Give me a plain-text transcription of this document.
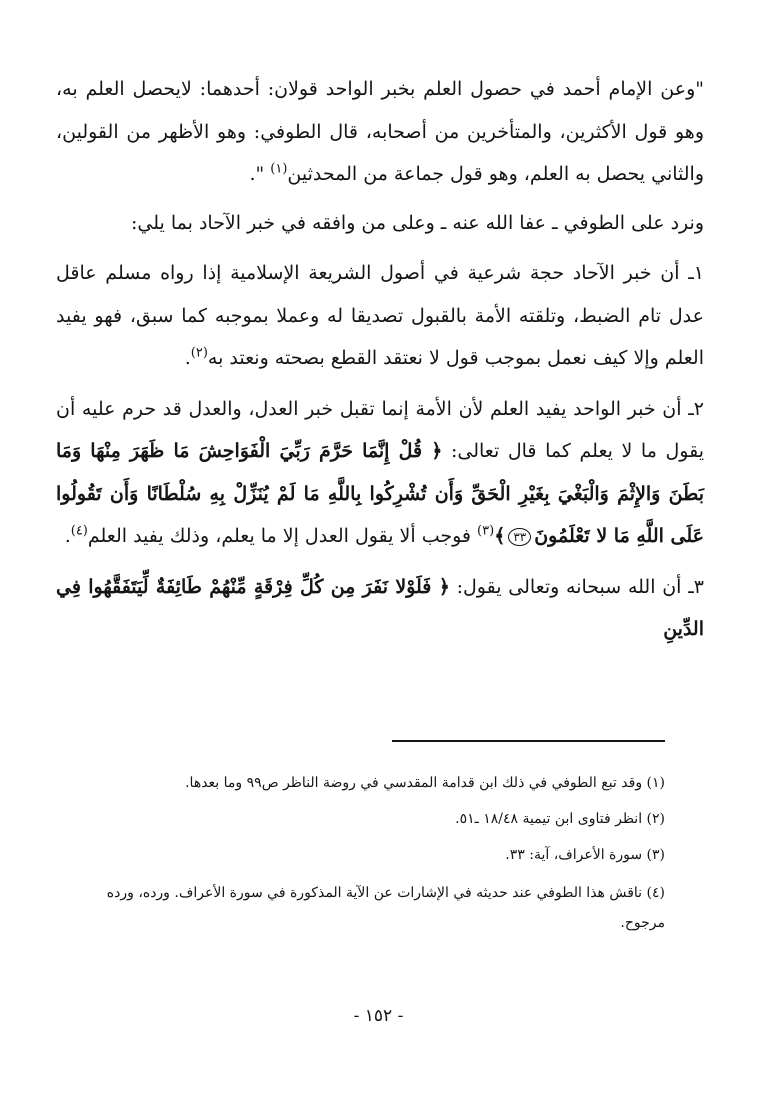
"وعن الإمام أحمد في حصول العلم بخبر الواحد قولان: أحدهما: لايحصل العلم به، وهو قول الأكثرين، والمتأخرين من أصحابه، قال الطوفي: وهو الأظهر من القولين، والثاني يحصل به العلم، وهو قول جماعة من المحدثين$^{(١)}$ ".

ونرد على الطوفي ـ عفا الله عنه ـ وعلى من وافقه في خبر الآحاد بما يلي:

١ـ أن خبر الآحاد حجة شرعية في أصول الشريعة الإسلامية إذا رواه مسلم عاقل عدل تام الضبط، وتلقته الأمة بالقبول تصديقا له وعملا بموجبه كما سبق، فهو يفيد العلم وإلا كيف نعمل بموجب قول لا نعتقد القطع بصحته ونعتد به$^{(٢)}$.

٢ـ أن خبر الواحد يفيد العلم لأن الأمة إنما تقبل خبر العدل، والعدل قد حرم عليه أن يقول ما لا يعلم كما قال تعالى: ﴿ قُلْ إِنَّمَا حَرَّمَ رَبِّيَ الْفَوَاحِشَ مَا ظَهَرَ مِنْهَا وَمَا بَطَنَ وَالإِثْمَ وَالْبَغْيَ بِغَيْرِ الْحَقِّ وَأَن تُشْرِكُوا بِاللَّهِ مَا لَمْ يُنَزِّلْ بِهِ سُلْطَانًا وَأَن تَقُولُوا عَلَى اللَّهِ مَا لا تَعْلَمُونَ٣٣﴾$^{(٣)}$ فوجب ألا يقول العدل إلا ما يعلم، وذلك يفيد العلم$^{(٤)}$.

٣ـ أن الله سبحانه وتعالى يقول: ﴿ فَلَوْلا نَفَرَ مِن كُلِّ فِرْقَةٍ مِّنْهُمْ طَائِفَةٌ لِّيَتَفَقَّهُوا فِي الدِّينِ

(١) وقد تبع الطوفي في ذلك ابن قدامة المقدسي في روضة الناظر ص٩٩ وما بعدها.

(٢) انظر فتاوى ابن تيمية ١٨/٤٨ ـ٥١.

(٣) سورة الأعراف، آية: ٣٣.

(٤) ناقش هذا الطوفي عند حديثه في الإشارات عن الآية المذكورة في سورة الأعراف. ورده، ورده مرجوح.

- ١٥٢ -
